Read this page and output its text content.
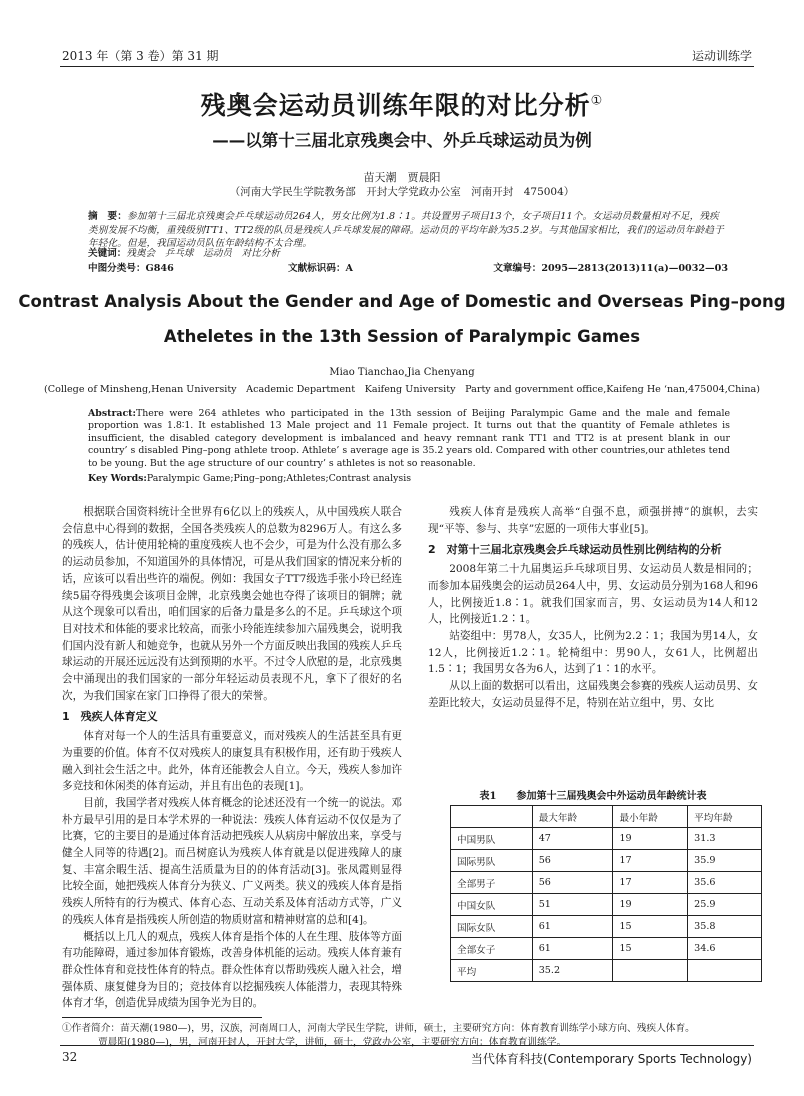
2013 年（第 3 卷）第 31 期	运动训练学
残奥会运动员训练年限的对比分析①
——以第十三届北京残奥会中、外乒乓球运动员为例
苗天潮　贾晨阳
（河南大学民生学院教务部　开封大学党政办公室　河南开封　475004）
摘　要：参加第十三届北京残奥会乒乓球运动员264人，男女比例为1.8∶1。共设置男子项目13个，女子项目11个。女运动员数量相对不足，残疾类别发展不均衡，重残级别TT1、TT2级的队员是残疾人乒乓球发展的障碍。运动员的平均年龄为35.2岁。与其他国家相比，我们的运动员年龄趋于年轻化。但是，我国运动员队伍年龄结构不太合理。
关键词：残奥会　乒乓球　运动员　对比分析
中图分类号：G846	文献标识码：A	文章编号：2095—2813(2013)11(a)—0032—03
Contrast Analysis About the Gender and Age of Domestic and Overseas Ping–pong
Atheletes in the 13th Session of Paralympic Games
Miao Tianchao,Jia Chenyang
(College of Minsheng,Henan University　Academic Department　Kaifeng University　Party and government office,Kaifeng He ‘nan,475004,China)
Abstract:There were 264 athletes who participated in the 13th session of Beijing Paralympic Game and the male and female proportion was 1.8∶1. It established 13 Male project and 11 Female project. It turns out that the quantity of Female athletes is insufficient, the disabled category development is imbalanced and heavy remnant rank TT1 and TT2 is at present blank in our country’ s disabled Ping–pong athlete troop. Athlete’ s average age is 35.2 years old. Compared with other countries,our athletes tend to be young. But the age structure of our country’ s athletes is not so reasonable.
Key Words:Paralympic Game;Ping–pong;Athletes;Contrast analysis

根据联合国资料统计全世界有6亿以上的残疾人，从中国残疾人联合会信息中心得到的数据，全国各类残疾人的总数为8296万人。有这么多的残疾人，估计使用轮椅的重度残疾人也不会少，可是为什么没有那么多的运动员参加，不知道国外的具体情况，可是从我们国家的情况来分析的话，应该可以看出些许的端倪。例如：我国女子TT7级选手张小玲已经连续5届夺得残奥会该项目金牌，北京残奥会她也夺得了该项目的铜牌；就从这个现象可以看出，咱们国家的后备力量是多么的不足。乒乓球这个项目对技术和体能的要求比较高，而张小玲能连续参加六届残奥会，说明我们国内没有新人和她竞争，也就从另外一个方面反映出我国的残疾人乒乓球运动的开展还远远没有达到预期的水平。不过令人欣慰的是，北京残奥会中涌现出的我们国家的一部分年轻运动员表现不凡，拿下了很好的名次，为我们国家在家门口挣得了很大的荣誉。

1　残疾人体育定义

体育对每一个人的生活具有重要意义，而对残疾人的生活甚至具有更为重要的价值。体育不仅对残疾人的康复具有积极作用，还有助于残疾人融入到社会生活之中。此外，体育还能教会人自立。今天，残疾人参加许多竞技和休闲类的体育运动，并且有出色的表现[1]。

目前，我国学者对残疾人体育概念的论述还没有一个统一的说法。邓朴方最早引用的是日本学术界的一种说法：残疾人体育运动不仅仅是为了比赛，它的主要目的是通过体育活动把残疾人从病房中解放出来，享受与健全人同等的待遇[2]。而吕树庭认为残疾人体育就是以促进残障人的康复、丰富余暇生活、提高生活质量为目的的体育活动[3]。张凤霞则显得比较全面，她把残疾人体育分为狭义、广义两类。狭义的残疾人体育是指残疾人所特有的行为模式、体育心态、互动关系及体育活动方式等，广义的残疾人体育是指残疾人所创造的物质财富和精神财富的总和[4]。

概括以上几人的观点，残疾人体育是指个体的人在生理、肢体等方面有功能障碍，通过参加体育锻炼，改善身体机能的运动。残疾人体育兼有群众性体育和竞技性体育的特点。群众性体育以帮助残疾人融入社会，增强体质、康复健身为目的；竞技体育以挖掘残疾人体能潜力，表现其特殊体育才华，创造优异成绩为国争光为目的。

残疾人体育是残疾人高举“自强不息，顽强拼搏”的旗帜，去实现“平等、参与、共享”宏愿的一项伟大事业[5]。

2　对第十三届北京残奥会乒乓球运动员性别比例结构的分析

2008年第二十九届奥运乒乓球项目男、女运动员人数是相同的；而参加本届残奥会的运动员264人中，男、女运动员分别为168人和96人，比例接近1.8∶1。就我们国家而言，男、女运动员为14人和12人，比例接近1.2∶1。

站姿组中：男78人，女35人，比例为2.2∶1；我国为男14人，女12人，比例接近1.2∶1。轮椅组中：男90人，女61人，比例超出1.5∶1；我国男女各为6人，达到了1∶1的水平。

从以上面的数据可以看出，这届残奥会参赛的残疾人运动员男、女差距比较大，女运动员显得不足，特别在站立组中，男、女比

表1　　参加第十三届残奥会中外运动员年龄统计表
	最大年龄	最小年龄	平均年龄
中国男队	47	19	31.3
国际男队	56	17	35.9
全部男子	56	17	35.6
中国女队	51	19	25.9
国际女队	61	15	35.8
全部女子	61	15	34.6
平均	35.2		
①作者简介：苗天潮(1980—)，男，汉族，河南周口人，河南大学民生学院，讲师，硕士，主要研究方向：体育教育训练学小球方向、残疾人体育。
贾晨阳(1980—)，男，河南开封人，开封大学，讲师，硕士，党政办公室，主要研究方向：体育教育训练学。
32	当代体育科技(Contemporary Sports Technology)
